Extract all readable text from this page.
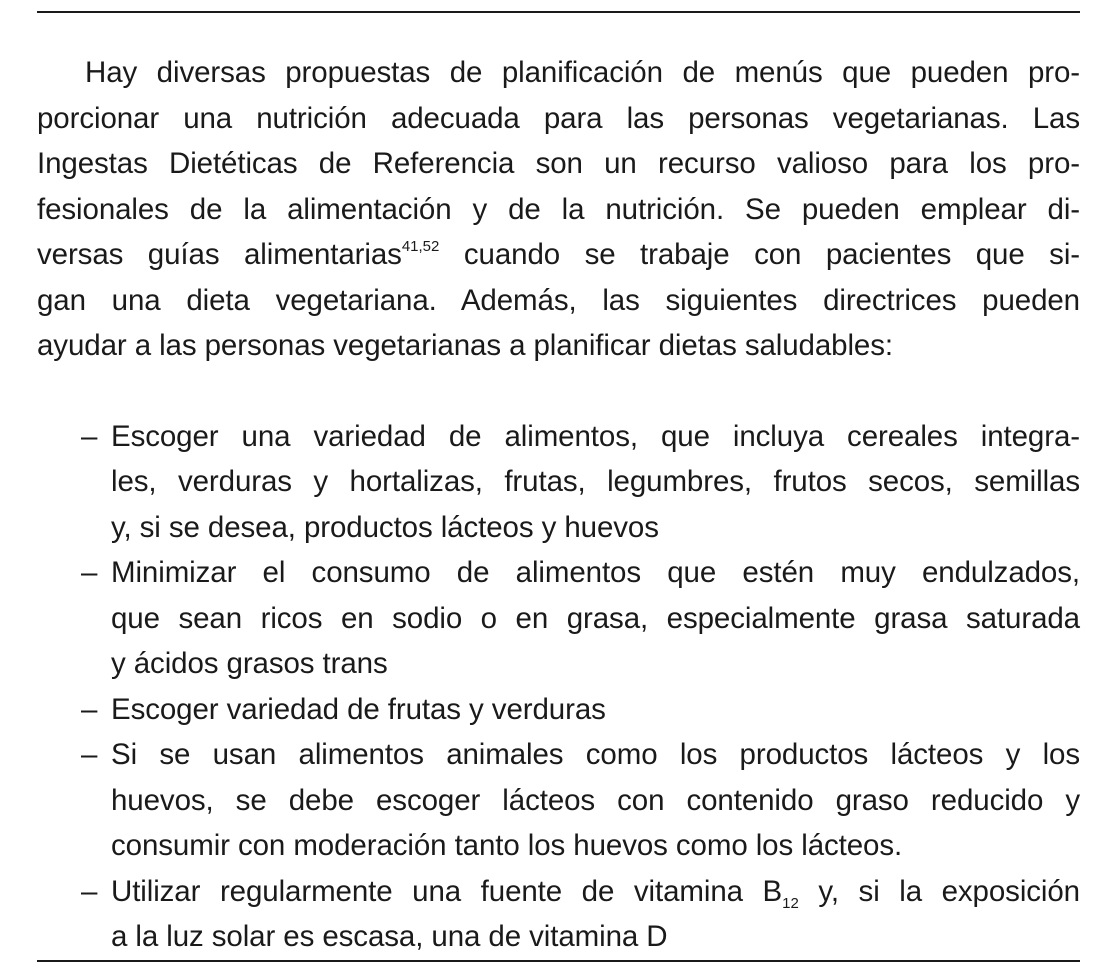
Hay diversas propuestas de planificación de menús que pueden pro-
porcionar una nutrición adecuada para las personas vegetarianas. Las
Ingestas Dietéticas de Referencia son un recurso valioso para los pro-
fesionales de la alimentación y de la nutrición. Se pueden emplear di-
versas guías alimentarias$^{41,52}$ cuando se trabaje con pacientes que si-
gan una dieta vegetariana. Además, las siguientes directrices pueden
ayudar a las personas vegetarianas a planificar dietas saludables:

– Escoger una variedad de alimentos, que incluya cereales integra-
les, verduras y hortalizas, frutas, legumbres, frutos secos, semillas
y, si se desea, productos lácteos y huevos
– Minimizar el consumo de alimentos que estén muy endulzados,
que sean ricos en sodio o en grasa, especialmente grasa saturada
y ácidos grasos trans
– Escoger variedad de frutas y verduras
– Si se usan alimentos animales como los productos lácteos y los
huevos, se debe escoger lácteos con contenido graso reducido y
consumir con moderación tanto los huevos como los lácteos.
– Utilizar regularmente una fuente de vitamina $B_{12}$ y, si la exposición
a la luz solar es escasa, una de vitamina D
